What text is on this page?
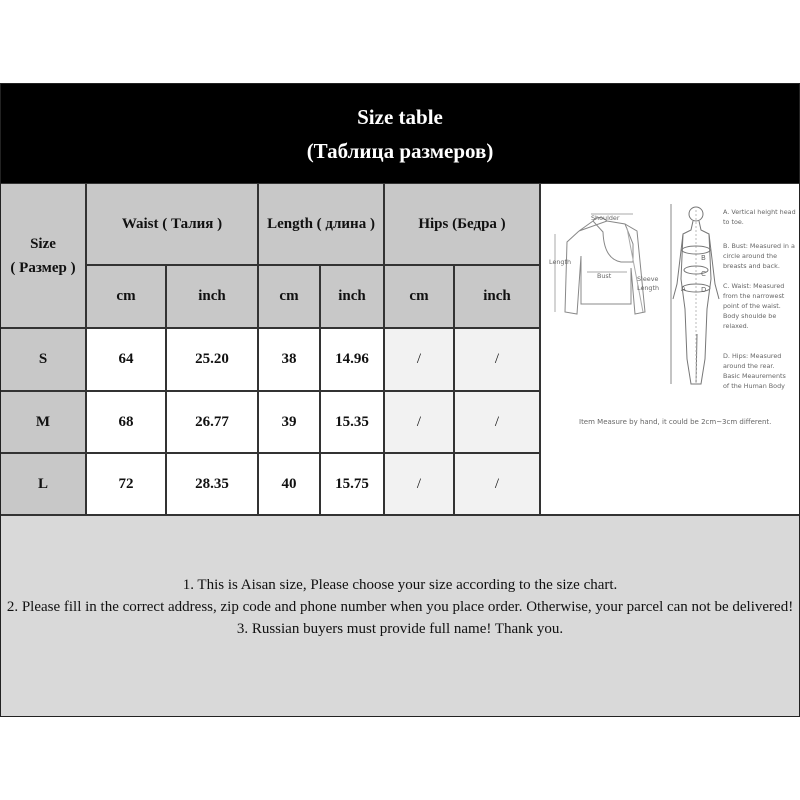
Size table
(Таблица размеров)
Size
( Размер )
Waist ( Талия )	Length ( длина )	Hips (Бедра )
cm	inch	cm	inch	cm	inch
S	64	25.20	38	14.96	/	/
M	68	26.77	39	15.35	/	/
L	72	28.35	40	15.75	/	/
Shoulder
Length
Bust	Sleeve
Length	A
B
C
D
A. Vertical height head
to toe.
B. Bust: Measured in a
circle around the
breasts and back.
C. Waist: Measured
from the narrowest
point of the waist.
Body shoulde be
relaxed.
D. Hips: Measured
around the rear.
Basic Meaurements
of the Human Body
Item Measure by hand, it could be 2cm~3cm different.
1. This is Aisan size, Please choose your size according to the size chart.
2. Please fill in the correct address, zip code and phone number when you place order. Otherwise, your parcel can not be delivered!
3. Russian buyers must provide full name! Thank you.
